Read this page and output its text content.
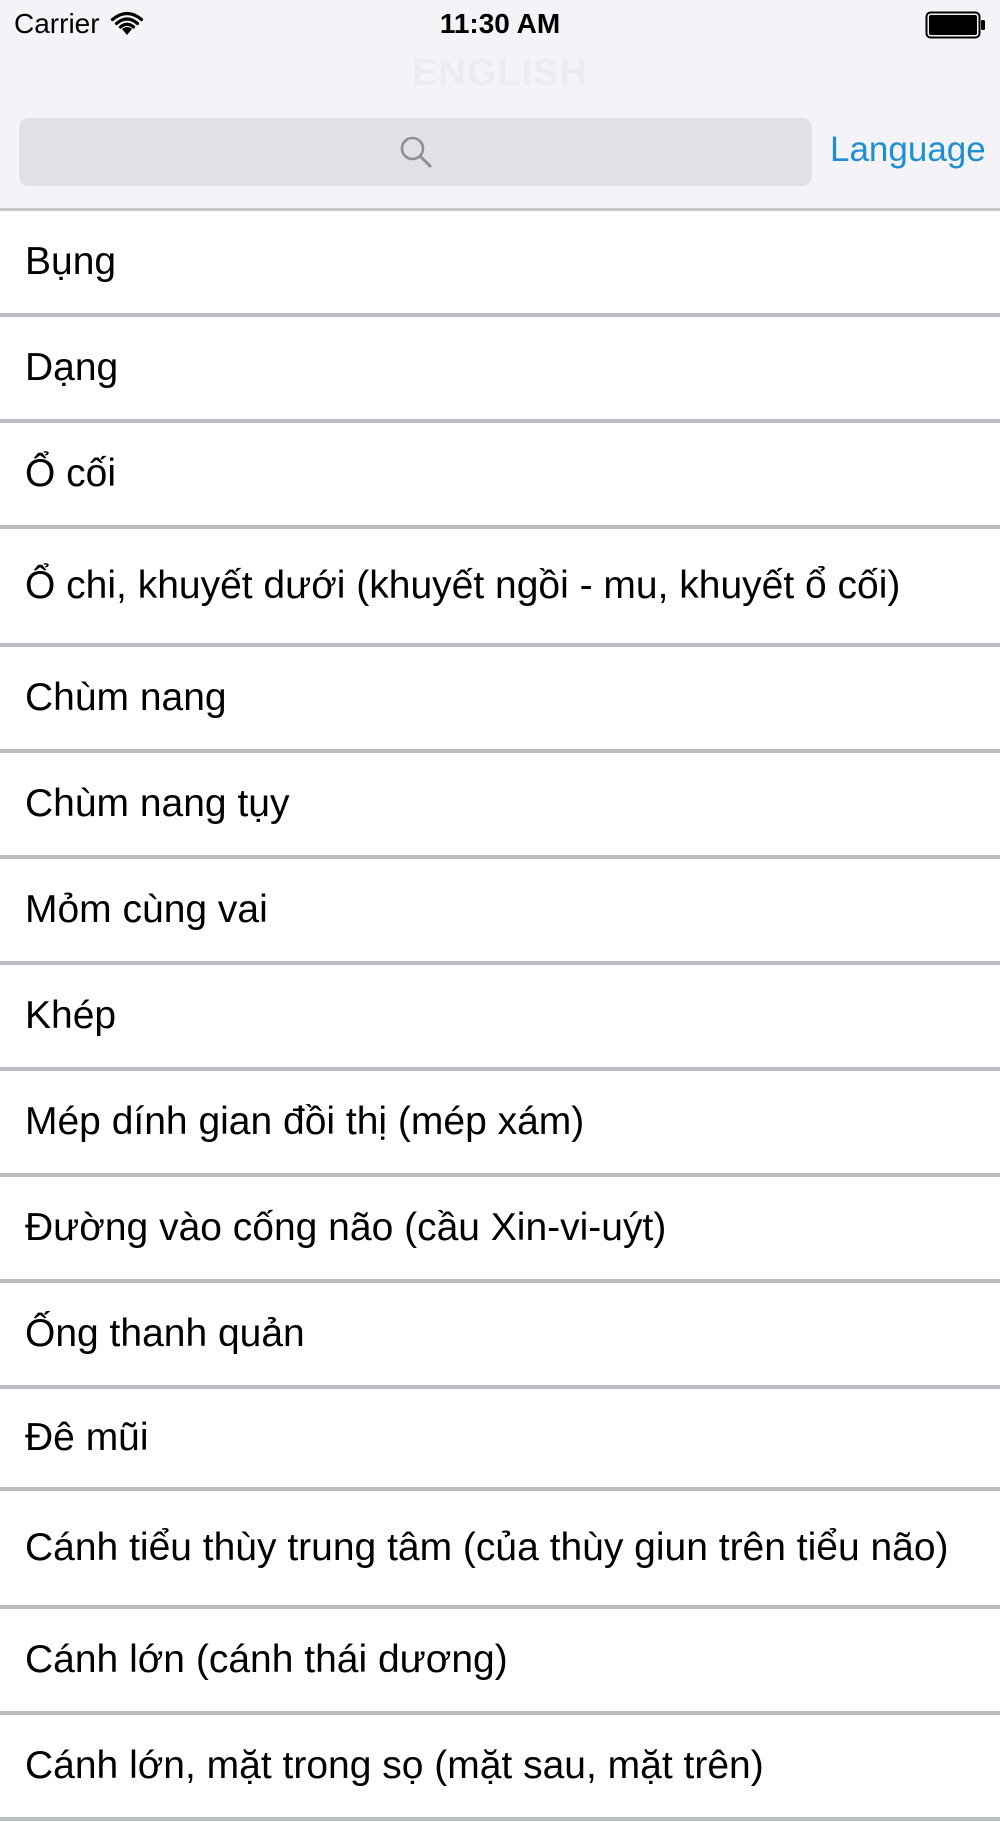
Carrier	11:30 AM
ENGLISH
Language
Bụng
Dạng
Ổ cối
Ổ chi, khuyết dưới (khuyết ngồi - mu, khuyết ổ cối)
Chùm nang
Chùm nang tụy
Mỏm cùng vai
Khép
Mép dính gian đồi thị (mép xám)
Đường vào cống não (cầu Xin-vi-uýt)
Ống thanh quản
Đê mũi
Cánh tiểu thùy trung tâm (của thùy giun trên tiểu não)
Cánh lớn (cánh thái dương)
Cánh lớn, mặt trong sọ (mặt sau, mặt trên)
